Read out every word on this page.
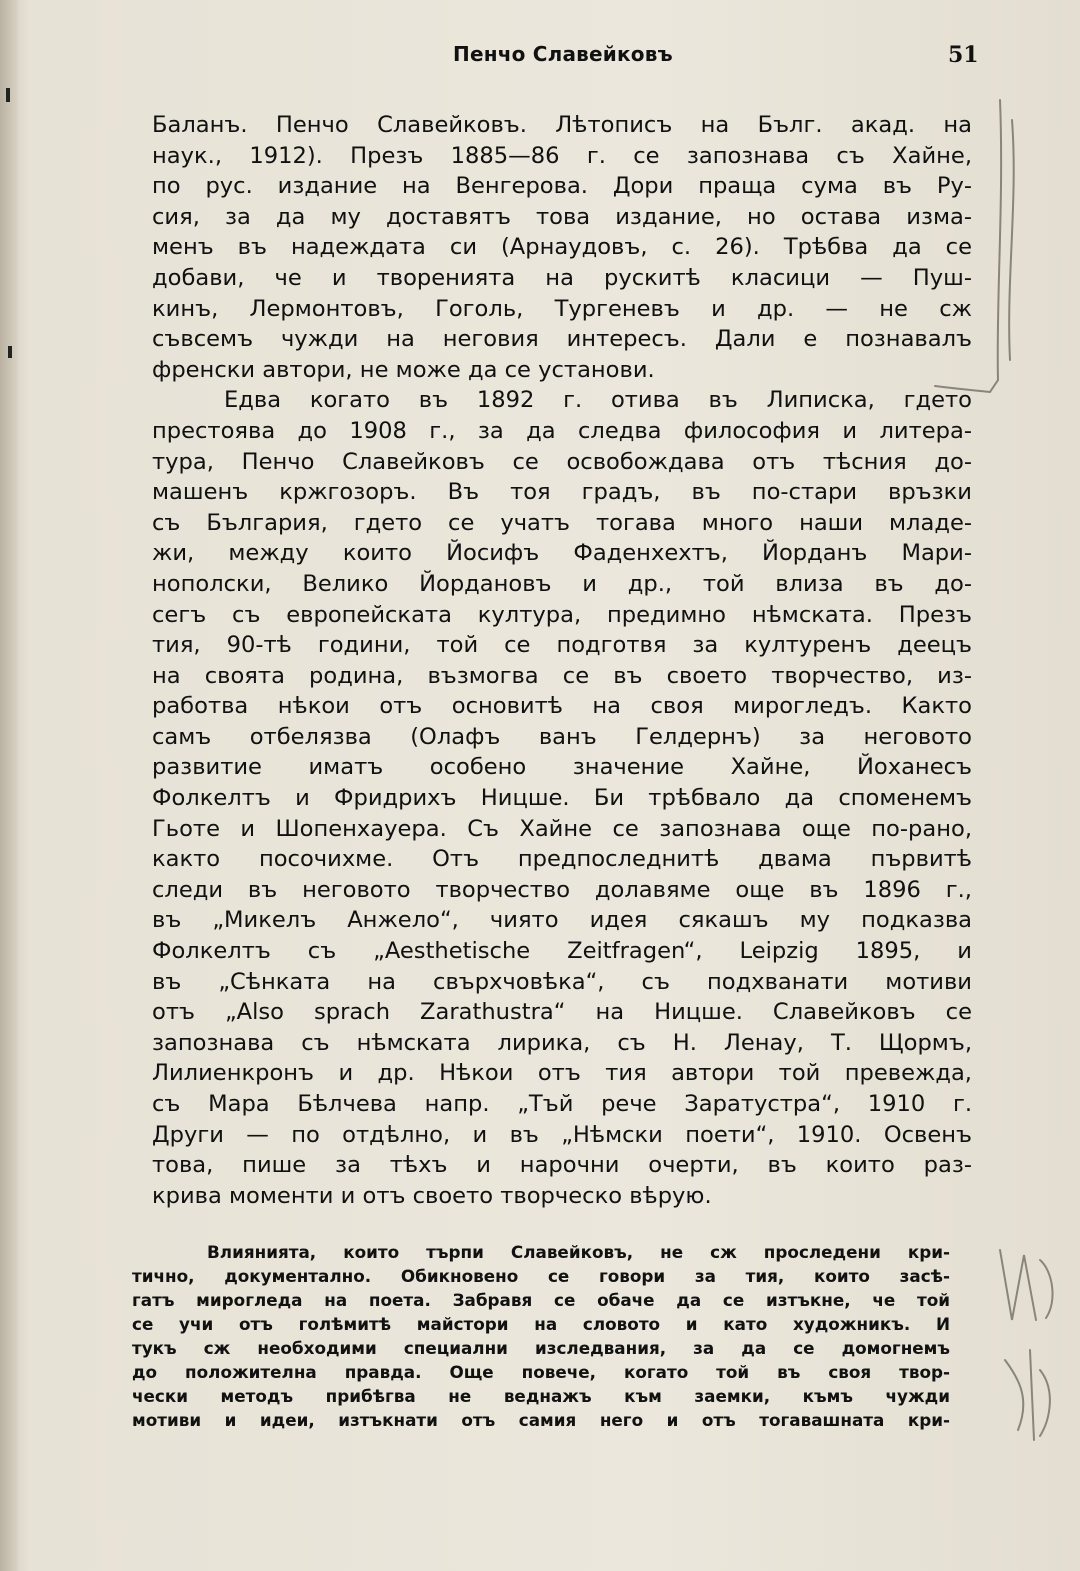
Пенчо Славейковъ	51
Баланъ. Пенчо Славейковъ. Лѣтописъ на Бълг. акад. на
наук., 1912). Презъ 1885—86 г. се запознава съ Хайне,
по рус. издание на Венгерова. Дори праща сума въ Ру-
сия, за да му доставятъ това издание, но остава изма-
менъ въ надеждата си (Арнаудовъ, с. 26). Трѣбва да се
добави, че и творенията на рускитѣ класици — Пуш-
кинъ, Лермонтовъ, Гоголь, Тургеневъ и др. — не сж
съвсемъ чужди на неговия интересъ. Дали е познавалъ
френски автори, не може да се установи.
Едва когато въ 1892 г. отива въ Липиска, гдето
престоява до 1908 г., за да следва философия и литера-
тура, Пенчо Славейковъ се освобождава отъ тѣсния до-
машенъ кржгозоръ. Въ тоя градъ, въ по-стари връзки
съ България, гдето се учатъ тогава много наши младе-
жи, между които Йосифъ Фаденхехтъ, Йорданъ Мари-
нополски, Велико Йордановъ и др., той влиза въ до-
сегъ съ европейската култура, предимно нѣмската. Презъ
тия, 90-тѣ години, той се подготвя за културенъ деецъ
на своята родина, възмогва се въ своето творчество, из-
работва нѣкои отъ основитѣ на своя мирогледъ. Както
самъ отбелязва (Олафъ ванъ Гелдернъ) за неговото
развитие иматъ особено значение Хайне, Йоханесъ
Фолкелтъ и Фридрихъ Ницше. Би трѣбвало да споменемъ
Гьоте и Шопенхауера. Съ Хайне се запознава още по-рано,
както посочихме. Отъ предпоследнитѣ двама първитѣ
следи въ неговото творчество долавяме още въ 1896 г.,
въ „Микелъ Анжело“, чиято идея сякашъ му подказва
Фолкелтъ съ „Aesthetische Zeitfragen“, Leipzig 1895, и
въ „Сѣнката на свърхчовѣка“, съ подхванати мотиви
отъ „Also sprach Zarathustra“ на Ницше. Славейковъ се
запознава съ нѣмската лирика, съ Н. Ленау, Т. Щормъ,
Лилиенкронъ и др. Нѣкои отъ тия автори той превежда,
съ Мара Бѣлчева напр. „Тъй рече Заратустра“, 1910 г.
Други — по отдѣлно, и въ „Нѣмски поети“, 1910. Освенъ
това, пише за тѣхъ и нарочни очерти, въ които раз-
крива моменти и отъ своето творческо вѣрую.
Влиянията, които търпи Славейковъ, не сж проследени кри-
тично, документално. Обикновено се говори за тия, които засѣ-
гатъ мирогледа на поета. Забравя се обаче да се изтъкне, че той
се учи отъ голѣмитѣ майстори на словото и като художникъ. И
тукъ сж необходими специални изследвания, за да се домогнемъ
до положителна правда. Още повече, когато той въ своя твор-
чески методъ прибѣгва не веднажъ към заемки, къмъ чужди
мотиви и идеи, изтъкнати отъ самия него и отъ тогавашната кри-
